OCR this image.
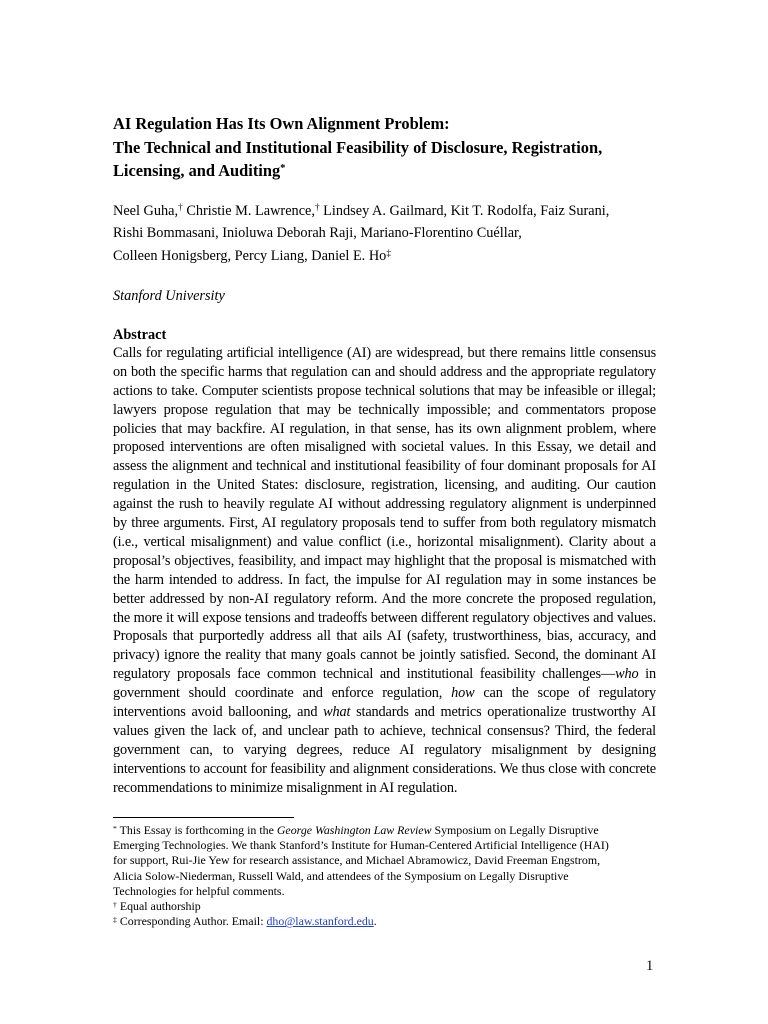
AI Regulation Has Its Own Alignment Problem:
The Technical and Institutional Feasibility of Disclosure, Registration,
Licensing, and Auditing*
Neel Guha,† Christie M. Lawrence,† Lindsey A. Gailmard, Kit T. Rodolfa, Faiz Surani,
Rishi Bommasani, Inioluwa Deborah Raji, Mariano-Florentino Cuéllar,
Colleen Honigsberg, Percy Liang, Daniel E. Ho‡
Stanford University
Abstract

Calls for regulating artificial intelligence (AI) are widespread, but there remains little consensus on both the specific harms that regulation can and should address and the appropriate regulatory actions to take. Computer scientists propose technical solutions that may be infeasible or illegal; lawyers propose regulation that may be technically impossible; and commentators propose policies that may backfire. AI regulation, in that sense, has its own alignment problem, where proposed interventions are often misaligned with societal values. In this Essay, we detail and assess the alignment and technical and institutional feasibility of four dominant proposals for AI regulation in the United States: disclosure, registration, licensing, and auditing. Our caution against the rush to heavily regulate AI without addressing regulatory alignment is underpinned by three arguments. First, AI regulatory proposals tend to suffer from both regulatory mismatch (i.e., vertical misalignment) and value conflict (i.e., horizontal misalignment). Clarity about a proposal’s objectives, feasibility, and impact may highlight that the proposal is mismatched with the harm intended to address. In fact, the impulse for AI regulation may in some instances be better addressed by non-AI regulatory reform. And the more concrete the proposed regulation, the more it will expose tensions and tradeoffs between different regulatory objectives and values. Proposals that purportedly address all that ails AI (safety, trustworthiness, bias, accuracy, and privacy) ignore the reality that many goals cannot be jointly satisfied. Second, the dominant AI regulatory proposals face common technical and institutional feasibility challenges—who in government should coordinate and enforce regulation, how can the scope of regulatory interventions avoid ballooning, and what standards and metrics operationalize trustworthy AI values given the lack of, and unclear path to achieve, technical consensus? Third, the federal government can, to varying degrees, reduce AI regulatory misalignment by designing interventions to account for feasibility and alignment considerations. We thus close with concrete recommendations to minimize misalignment in AI regulation.

* This Essay is forthcoming in the George Washington Law Review Symposium on Legally Disruptive
Emerging Technologies. We thank Stanford’s Institute for Human-Centered Artificial Intelligence (HAI)
for support, Rui-Jie Yew for research assistance, and Michael Abramowicz, David Freeman Engstrom,
Alicia Solow-Niederman, Russell Wald, and attendees of the Symposium on Legally Disruptive
Technologies for helpful comments.
† Equal authorship
‡ Corresponding Author. Email: dho@law.stanford.edu.
1
